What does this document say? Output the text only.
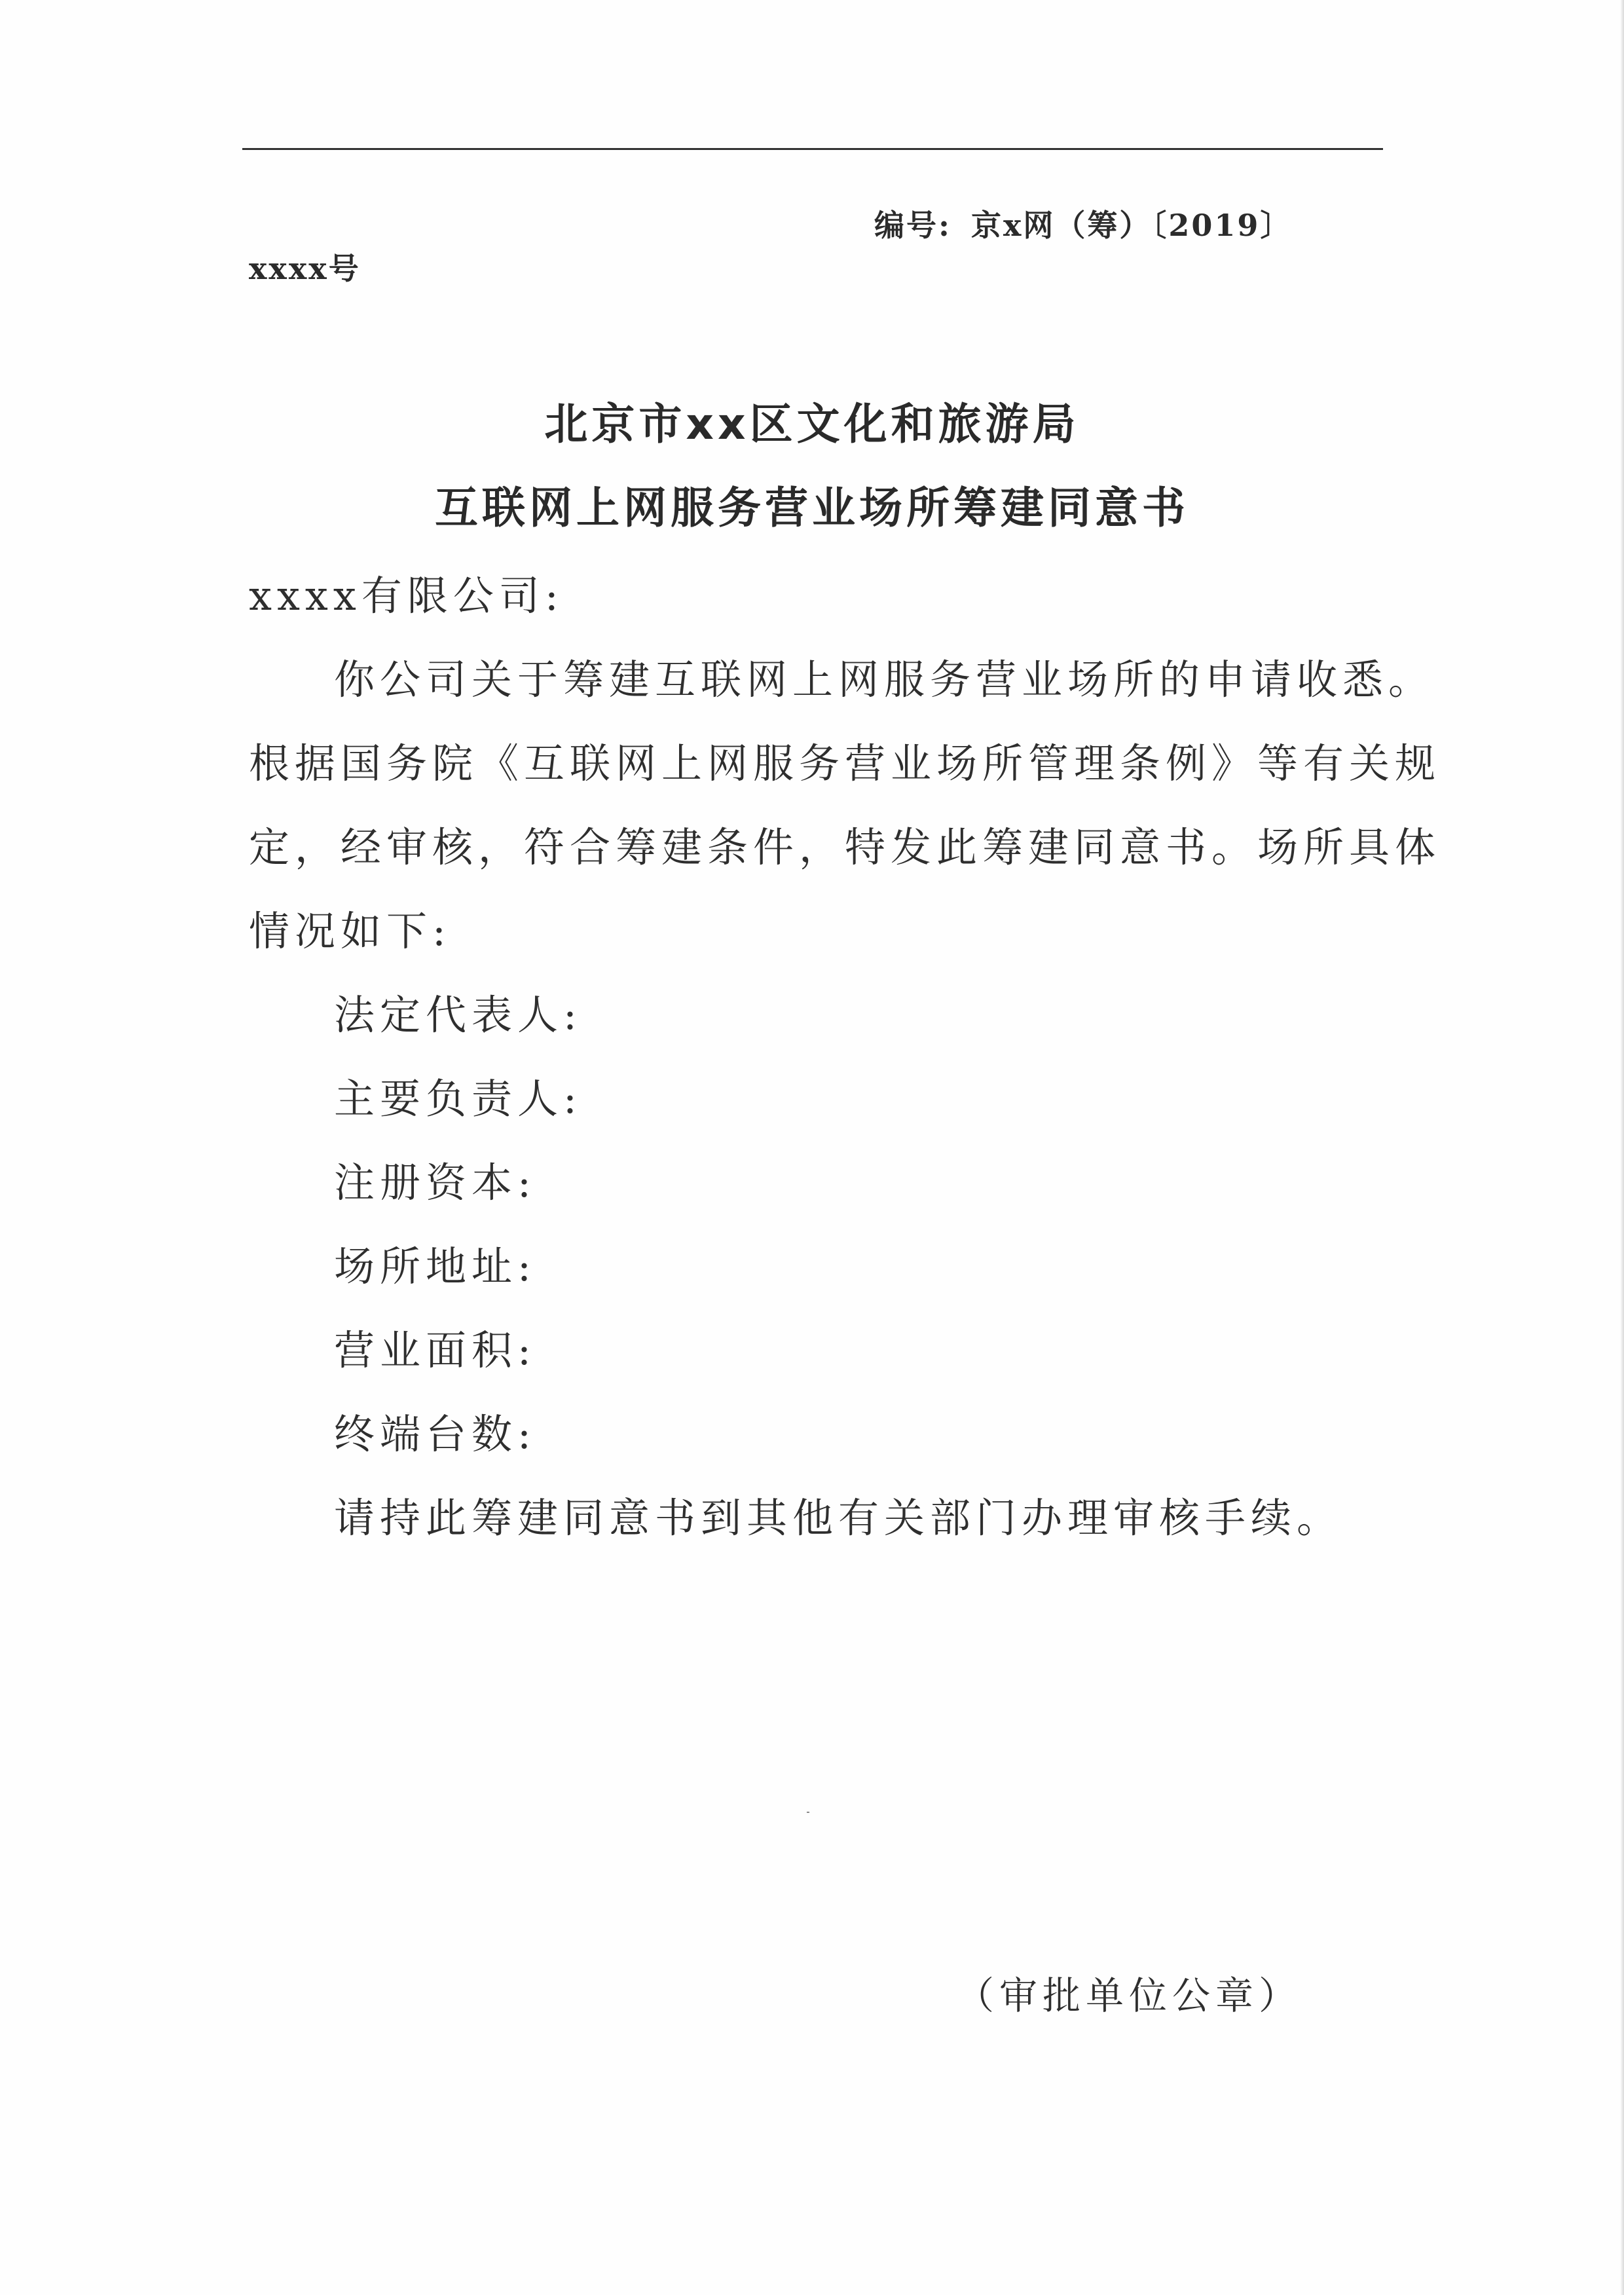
编号: 京x网（筹）〔2019〕
xxxx号
北京市xx区文化和旅游局
互联网上网服务营业场所筹建同意书
xxxx有限公司:
你公司关于筹建互联网上网服务营业场所的申请收悉。
根据国务院《互联网上网服务营业场所管理条例》等有关规
定，经审核，符合筹建条件，特发此筹建同意书。场所具体
情况如下:
法定代表人:
主要负责人:
注册资本:
场所地址:
营业面积:
终端台数:
请持此筹建同意书到其他有关部门办理审核手续。
（审批单位公章）
